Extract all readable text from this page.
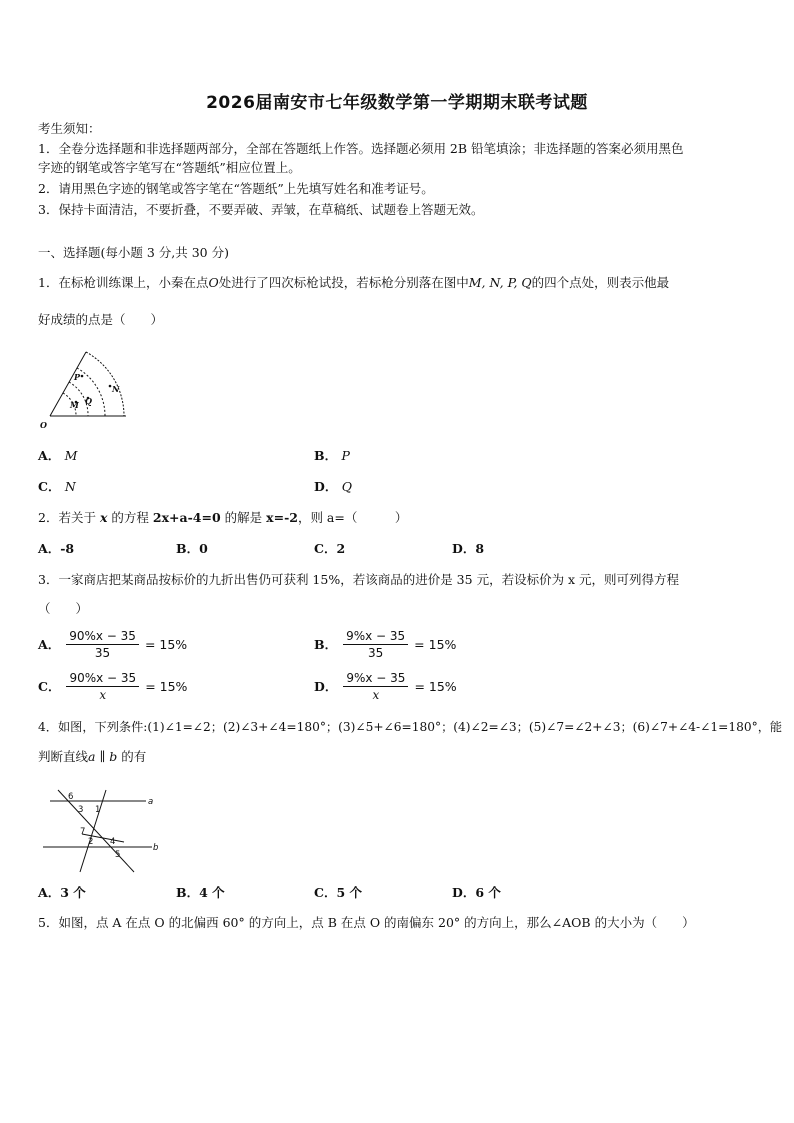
2026届南安市七年级数学第一学期期末联考试题
考生须知：
1．全卷分选择题和非选择题两部分，全部在答题纸上作答。选择题必须用 2B 铅笔填涂；非选择题的答案必须用黑色
字迹的钢笔或答字笔写在“答题纸”相应位置上。
2．请用黑色字迹的钢笔或答字笔在“答题纸”上先填写姓名和准考证号。
3．保持卡面清洁，不要折叠，不要弄破、弄皱，在草稿纸、试题卷上答题无效。
一、选择题(每小题 3 分,共 30 分)
1．在标枪训练课上，小秦在点O处进行了四次标枪试投，若标枪分别落在图中M, N, P, Q的四个点处，则表示他最
好成绩的点是（　　）
O
P
N
M Q
A． M	B． P
C． N	D． Q
2．若关于 x 的方程 2x+a-4=0 的解是 x=-2，则 a=（　　　）
A．-8	B．0	C．2	D．8
3．一家商店把某商品按标价的九折出售仍可获利 15%，若该商品的进价是 35 元，若设标价为 x 元，则可列得方程
（　　）
A． $\frac{90\%x - 35}{35} = 15\%$	B． $\frac{9\%x - 35}{35} = 15\%$
C． $\frac{90\%x - 35}{x} = 15\%$	D． $\frac{9\%x - 35}{x} = 15\%$
4．如图，下列条件:(1)∠1=∠2；(2)∠3+∠4=180°；(3)∠5+∠6=180°；(4)∠2=∠3；(5)∠7=∠2+∠3；(6)∠7+∠4-∠1=180°，能
判断直线a ∥ b 的有
a
b
6
3 1
7
2 4
5
A．3 个	B．4 个	C．5 个	D．6 个
5．如图，点 A 在点 O 的北偏西 60° 的方向上，点 B 在点 O 的南偏东 20° 的方向上，那么∠AOB 的大小为（　　）
